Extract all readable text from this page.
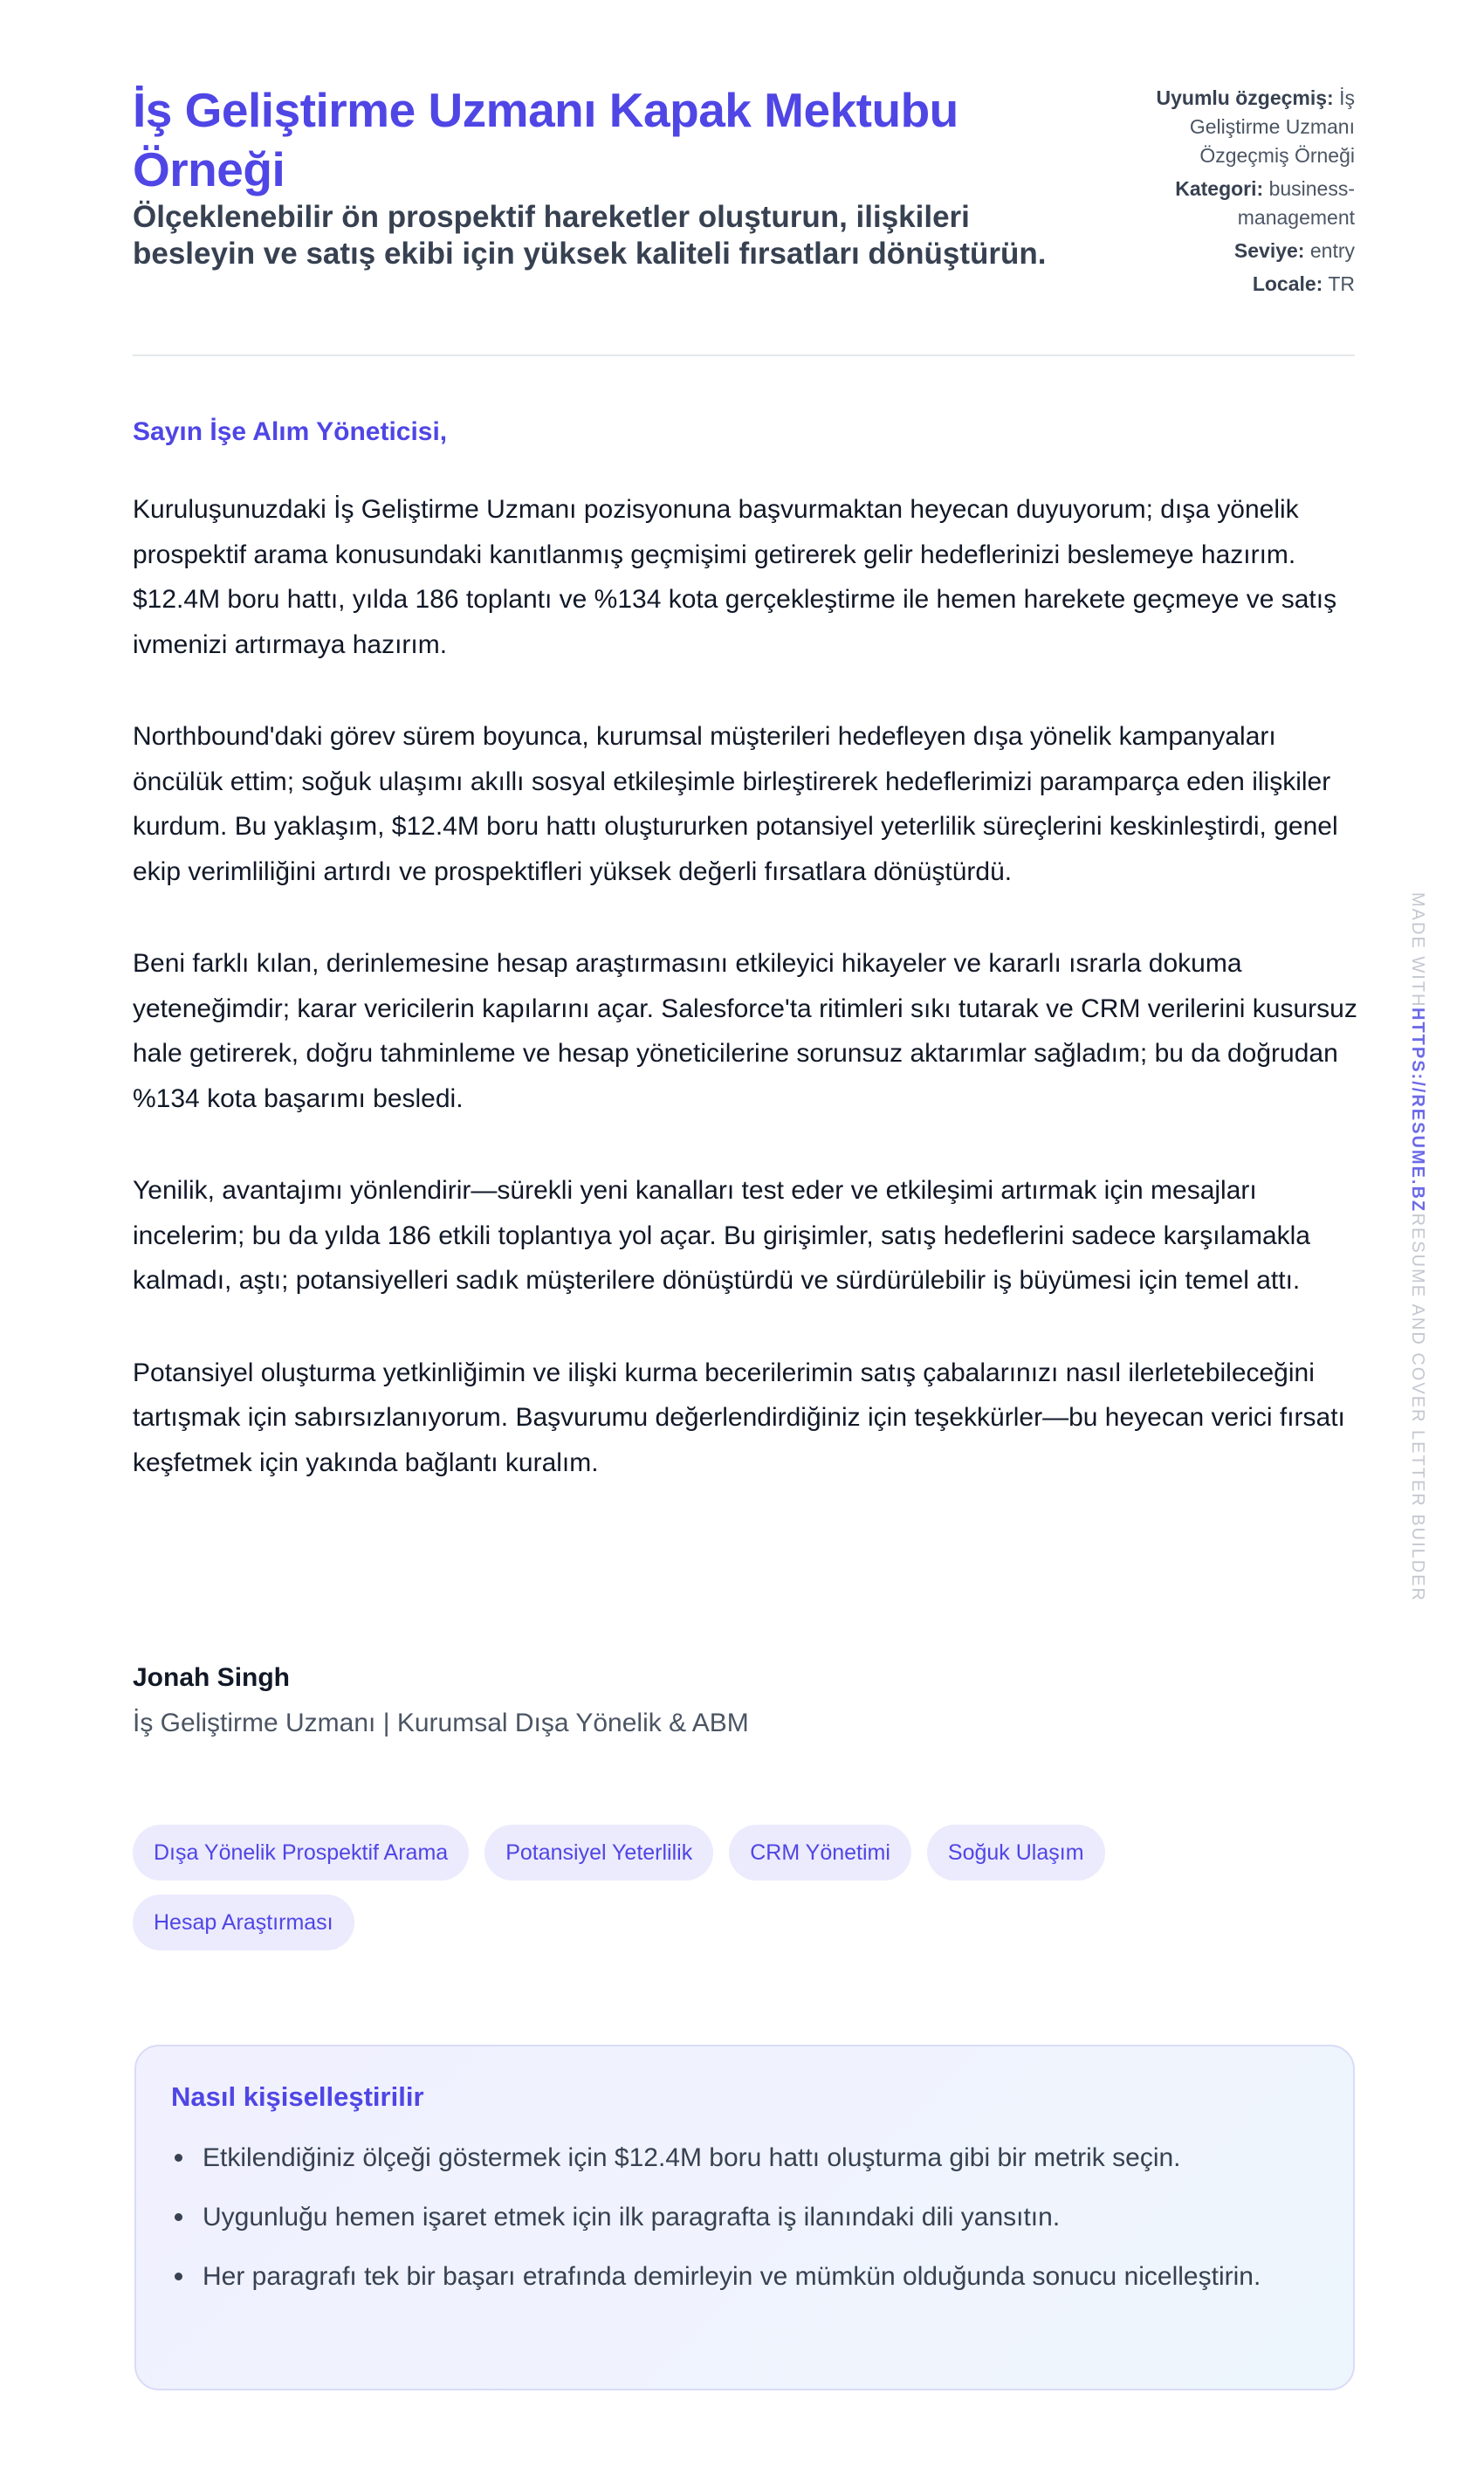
İş Geliştirme Uzmanı Kapak Mektubu Örneği
Ölçeklenebilir ön prospektif hareketler oluşturun, ilişkileri besleyin ve satış ekibi için yüksek kaliteli fırsatları dönüştürün.
Uyumlu özgeçmiş: İş Geliştirme Uzmanı Özgeçmiş Örneği
Kategori: business-management
Seviye: entry
Locale: TR
Sayın İşe Alım Yöneticisi,

Kuruluşunuzdaki İş Geliştirme Uzmanı pozisyonuna başvurmaktan heyecan duyuyorum; dışa yönelik prospektif arama konusundaki kanıtlanmış geçmişimi getirerek gelir hedeflerinizi beslemeye hazırım. $12.4M boru hattı, yılda 186 toplantı ve %134 kota gerçekleştirme ile hemen harekete geçmeye ve satış ivmenizi artırmaya hazırım.

Northbound'daki görev sürem boyunca, kurumsal müşterileri hedefleyen dışa yönelik kampanyaları öncülük ettim; soğuk ulaşımı akıllı sosyal etkileşimle birleştirerek hedeflerimizi paramparça eden ilişkiler kurdum. Bu yaklaşım, $12.4M boru hattı oluştururken potansiyel yeterlilik süreçlerini keskinleştirdi, genel ekip verimliliğini artırdı ve prospektifleri yüksek değerli fırsatlara dönüştürdü.

Beni farklı kılan, derinlemesine hesap araştırmasını etkileyici hikayeler ve kararlı ısrarla dokuma yeteneğimdir; karar vericilerin kapılarını açar. Salesforce'ta ritimleri sıkı tutarak ve CRM verilerini kusursuz hale getirerek, doğru tahminleme ve hesap yöneticilerine sorunsuz aktarımlar sağladım; bu da doğrudan %134 kota başarımı besledi.

Yenilik, avantajımı yönlendirir—sürekli yeni kanalları test eder ve etkileşimi artırmak için mesajları incelerim; bu da yılda 186 etkili toplantıya yol açar. Bu girişimler, satış hedeflerini sadece karşılamakla kalmadı, aştı; potansiyelleri sadık müşterilere dönüştürdü ve sürdürülebilir iş büyümesi için temel attı.

Potansiyel oluşturma yetkinliğimin ve ilişki kurma becerilerimin satış çabalarınızı nasıl ilerletebileceğini tartışmak için sabırsızlanıyorum. Başvurumu değerlendirdiğiniz için teşekkürler—bu heyecan verici fırsatı keşfetmek için yakında bağlantı kuralım.

Jonah Singh
İş Geliştirme Uzmanı | Kurumsal Dışa Yönelik & ABM
Dışa Yönelik Prospektif Arama	Potansiyel Yeterlilik	CRM Yönetimi	Soğuk Ulaşım
Hesap Araştırması
Nasıl kişiselleştirilir
Etkilendiğiniz ölçeği göstermek için $12.4M boru hattı oluşturma gibi bir metrik seçin.
Uygunluğu hemen işaret etmek için ilk paragrafta iş ilanındaki dili yansıtın.
Her paragrafı tek bir başarı etrafında demirleyin ve mümkün olduğunda sonucu nicelleştirin.
MADE WITHHTTPS://RESUME.BZRESUME AND COVER LETTER BUILDER
